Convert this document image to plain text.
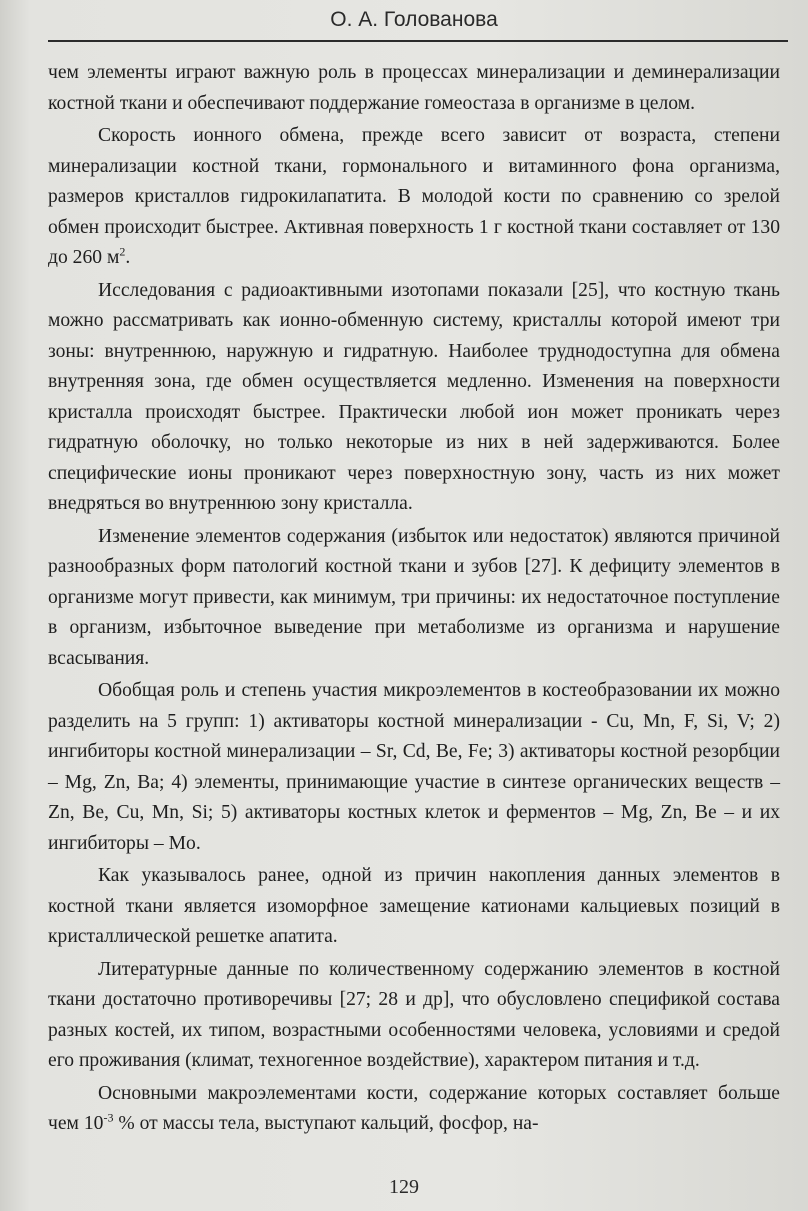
О. А. Голованова

чем элементы играют важную роль в процессах минерализации и деминерализации костной ткани и обеспечивают поддержание гомеостаза в организме в целом.

Скорость ионного обмена, прежде всего зависит от возраста, степени минерализации костной ткани, гормонального и витаминного фона организма, размеров кристаллов гидрокилапатита. В молодой кости по сравнению со зрелой обмен происходит быстрее. Активная поверхность 1 г костной ткани составляет от 130 до 260 $м^2$.

Исследования с радиоактивными изотопами показали [25], что костную ткань можно рассматривать как ионно-обменную систему, кристаллы которой имеют три зоны: внутреннюю, наружную и гидратную. Наиболее труднодоступна для обмена внутренняя зона, где обмен осуществляется медленно. Изменения на поверхности кристалла происходят быстрее. Практически любой ион может проникать через гидратную оболочку, но только некоторые из них в ней задерживаются. Более специфические ионы проникают через поверхностную зону, часть из них может внедряться во внутреннюю зону кристалла.

Изменение элементов содержания (избыток или недостаток) являются причиной разнообразных форм патологий костной ткани и зубов [27]. К дефициту элементов в организме могут привести, как минимум, три причины: их недостаточное поступление в организм, избыточное выведение при метаболизме из организма и нарушение всасывания.

Обобщая роль и степень участия микроэлементов в костеобразовании их можно разделить на 5 групп: 1) активаторы костной минерализации - Cu, Mn, F, Si, V; 2) ингибиторы костной минерализации – Sr, Cd, Be, Fe; 3) активаторы костной резорбции – Mg, Zn, Ba; 4) элементы, принимающие участие в синтезе органических веществ – Zn, Be, Cu, Mn, Si; 5) активаторы костных клеток и ферментов – Mg, Zn, Be – и их ингибиторы – Mo.

Как указывалось ранее, одной из причин накопления данных элементов в костной ткани является изоморфное замещение катионами кальциевых позиций в кристаллической решетке апатита.

Литературные данные по количественному содержанию элементов в костной ткани достаточно противоречивы [27; 28 и др], что обусловлено спецификой состава разных костей, их типом, возрастными особенностями человека, условиями и средой его проживания (климат, техногенное воздействие), характером питания и т.д.

Основными макроэлементами кости, содержание которых составляет больше чем $10^{-3}$ % от массы тела, выступают кальций, фосфор, на-

129
